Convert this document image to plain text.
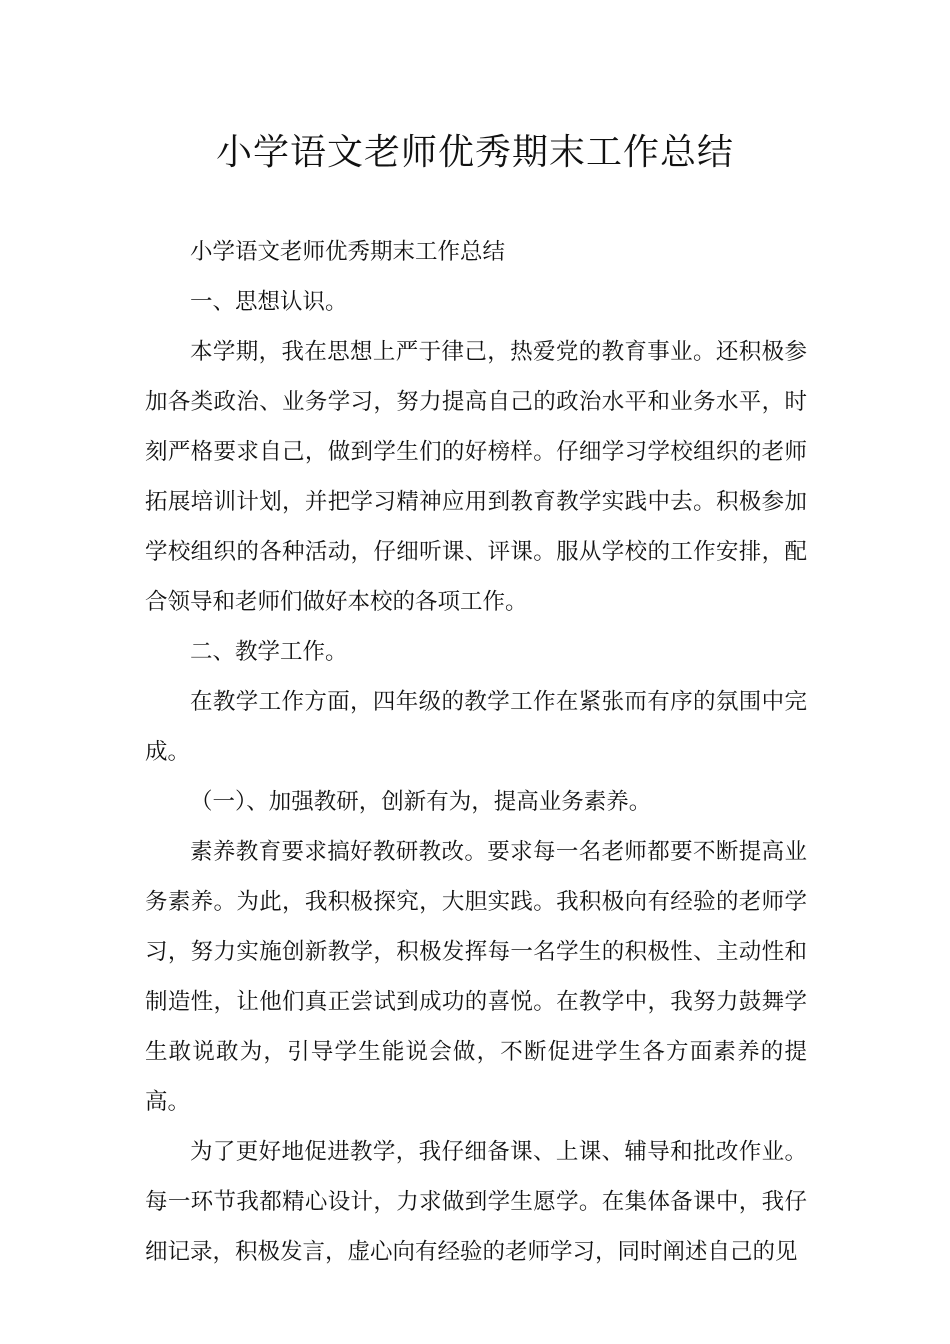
小学语文老师优秀期末工作总结

小学语文老师优秀期末工作总结

一、思想认识。

本学期，我在思想上严于律己，热爱党的教育事业。还积极参加各类政治、业务学习，努力提高自己的政治水平和业务水平，时刻严格要求自己，做到学生们的好榜样。仔细学习学校组织的老师拓展培训计划，并把学习精神应用到教育教学实践中去。积极参加学校组织的各种活动，仔细听课、评课。服从学校的工作安排，配合领导和老师们做好本校的各项工作。

二、教学工作。

在教学工作方面，四年级的教学工作在紧张而有序的氛围中完成。

（一）、加强教研，创新有为，提高业务素养。

素养教育要求搞好教研教改。要求每一名老师都要不断提高业务素养。为此，我积极探究，大胆实践。我积极向有经验的老师学习，努力实施创新教学，积极发挥每一名学生的积极性、主动性和制造性，让他们真正尝试到成功的喜悦。在教学中，我努力鼓舞学生敢说敢为，引导学生能说会做，不断促进学生各方面素养的提高。

为了更好地促进教学，我仔细备课、上课、辅导和批改作业。每一环节我都精心设计，力求做到学生愿学。在集体备课中，我仔细记录，积极发言，虚心向有经验的老师学习，同时阐述自己的见
